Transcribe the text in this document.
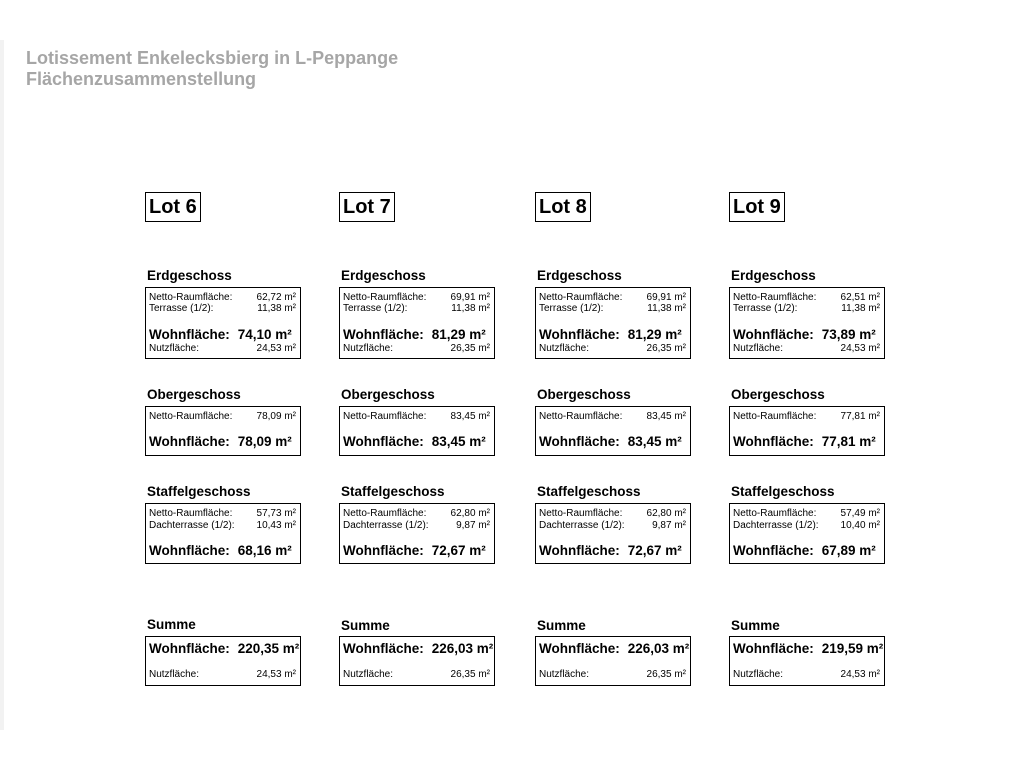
Lotissement Enkelecksbierg in L-Peppange
Flächenzusammenstellung
Lot 6
Erdgeschoss
Netto-Raumfläche: 62,72 m²
Terrasse (1/2):	11,38 m²
Wohnfläche: 74,10 m²
Nutzfläche:	24,53 m²
Obergeschoss
Netto-Raumfläche: 78,09 m²
Wohnfläche: 78,09 m²
Staffelgeschoss
Netto-Raumfläche: 57,73 m²
Dachterrasse (1/2): 10,43 m²
Wohnfläche: 68,16 m²
Summe
Wohnfläche: 220,35 m²
Nutzfläche:	24,53 m²
Lot 7
Erdgeschoss
Netto-Raumfläche: 69,91 m²
Terrasse (1/2):	11,38 m²
Wohnfläche: 81,29 m²
Nutzfläche:	26,35 m²
Obergeschoss
Netto-Raumfläche: 83,45 m²
Wohnfläche: 83,45 m²
Staffelgeschoss
Netto-Raumfläche: 62,80 m²
Dachterrasse (1/2):	9,87 m²
Wohnfläche: 72,67 m²
Summe
Wohnfläche: 226,03 m²
Nutzfläche:	26,35 m²
Lot 8
Erdgeschoss
Netto-Raumfläche: 69,91 m²
Terrasse (1/2):	11,38 m²
Wohnfläche: 81,29 m²
Nutzfläche:	26,35 m²
Obergeschoss
Netto-Raumfläche: 83,45 m²
Wohnfläche: 83,45 m²
Staffelgeschoss
Netto-Raumfläche: 62,80 m²
Dachterrasse (1/2):	9,87 m²
Wohnfläche: 72,67 m²
Summe
Wohnfläche: 226,03 m²
Nutzfläche:	26,35 m²
Lot 9
Erdgeschoss
Netto-Raumfläche: 62,51 m²
Terrasse (1/2):	11,38 m²
Wohnfläche: 73,89 m²
Nutzfläche:	24,53 m²
Obergeschoss
Netto-Raumfläche: 77,81 m²
Wohnfläche: 77,81 m²
Staffelgeschoss
Netto-Raumfläche: 57,49 m²
Dachterrasse (1/2): 10,40 m²
Wohnfläche: 67,89 m²
Summe
Wohnfläche: 219,59 m²
Nutzfläche:	24,53 m²
